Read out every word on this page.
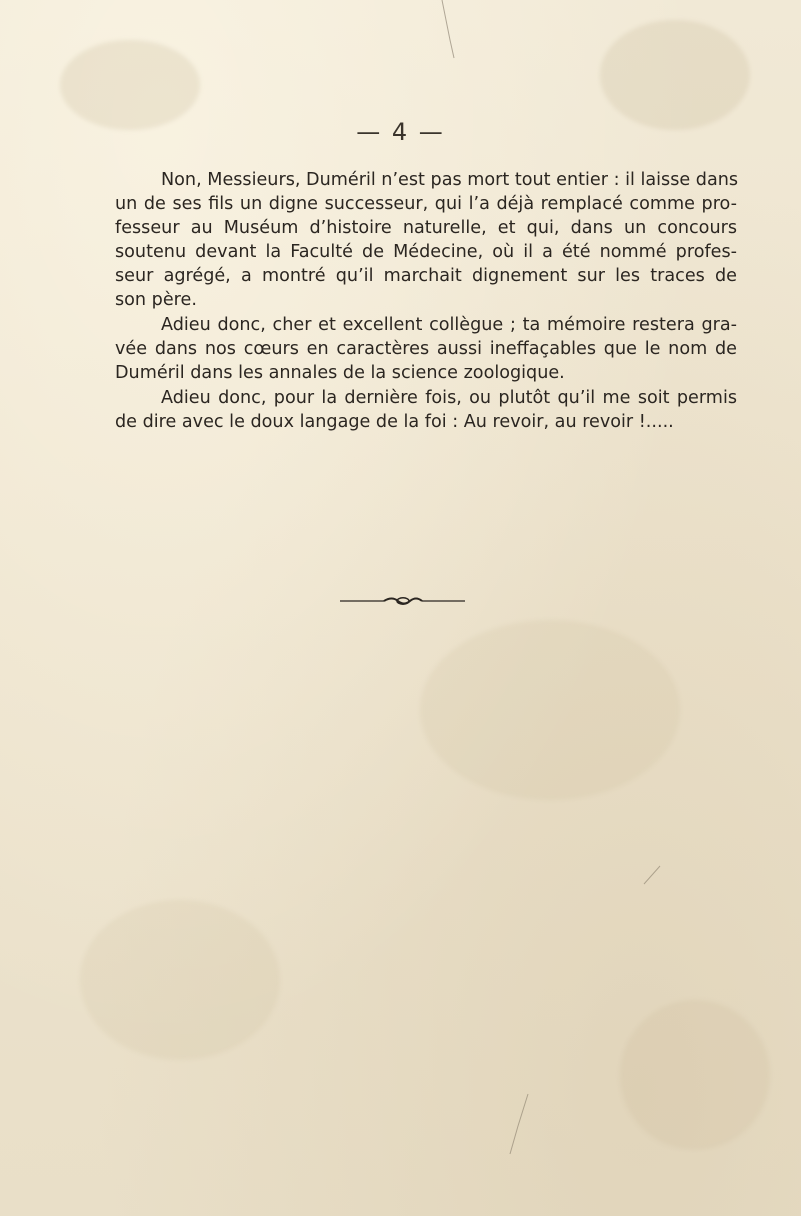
— 4 —
Non, Messieurs, Duméril n’est pas mort tout entier : il laisse dans
un de ses fils un digne successeur, qui l’a déjà remplacé comme pro-
fesseur au Muséum d’histoire naturelle, et qui, dans un concours
soutenu devant la Faculté de Médecine, où il a été nommé profes-
seur agrégé, a montré qu’il marchait dignement sur les traces de
son père.
Adieu donc, cher et excellent collègue ; ta mémoire restera gra-
vée dans nos cœurs en caractères aussi ineffaçables que le nom de
Duméril dans les annales de la science zoologique.
Adieu donc, pour la dernière fois, ou plutôt qu’il me soit permis
de dire avec le doux langage de la foi : Au revoir, au revoir !.....
